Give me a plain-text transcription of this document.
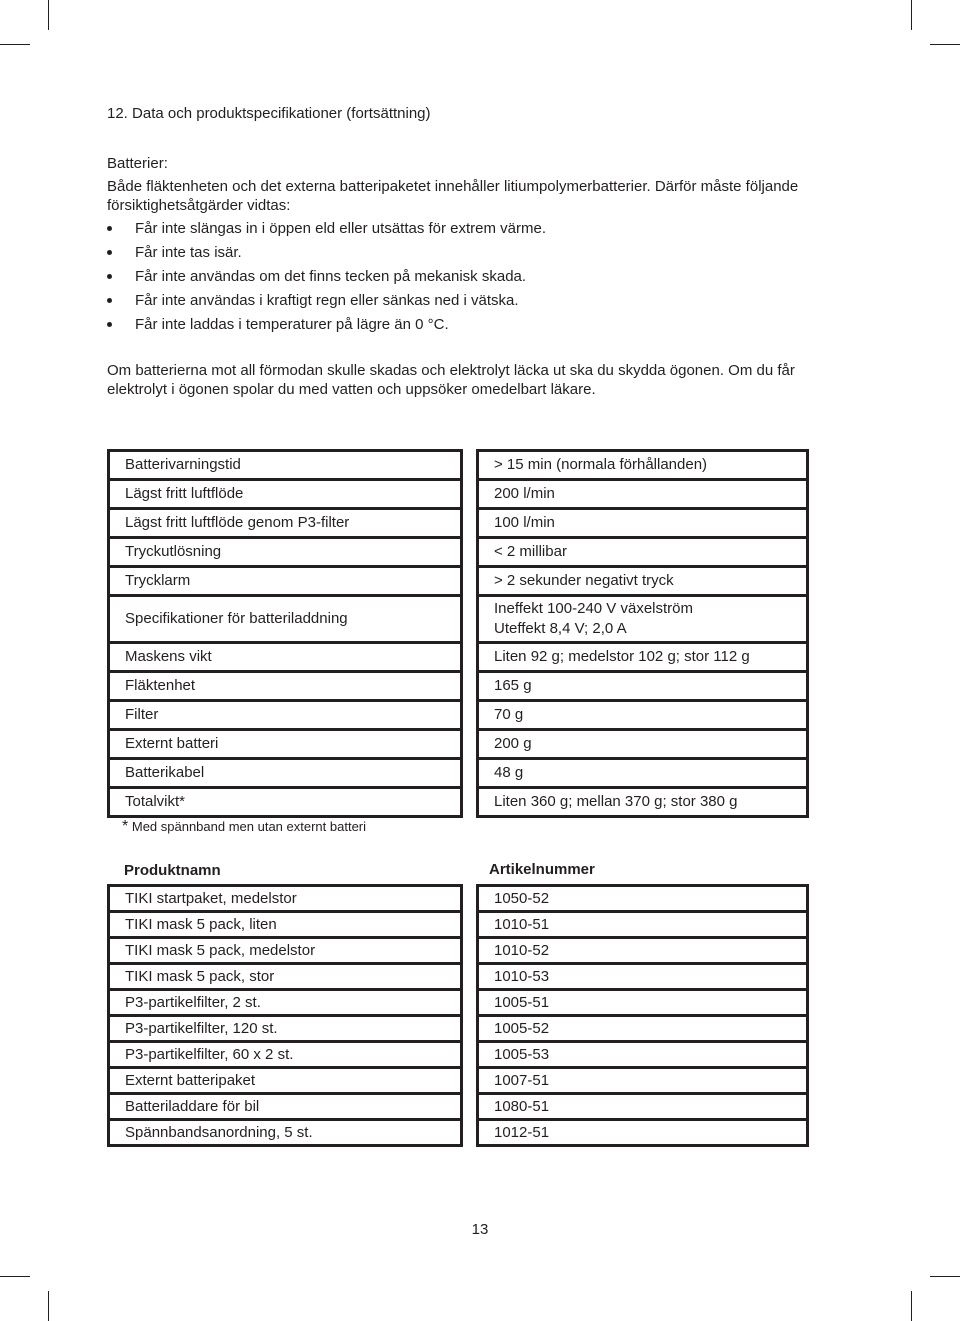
12. Data och produktspecifikationer (fortsättning)

Batterier:

Både fläktenheten och det externa batteripaketet innehåller litiumpolymerbatterier. Därför måste följande försiktighetsåtgärder vidtas:

Får inte slängas in i öppen eld eller utsättas för extrem värme.
Får inte tas isär.
Får inte användas om det finns tecken på mekanisk skada.
Får inte användas i kraftigt regn eller sänkas ned i vätska.
Får inte laddas i temperaturer på lägre än 0 °C.

Om batterierna mot all förmodan skulle skadas och elektrolyt läcka ut ska du skydda ögonen. Om du får elektrolyt i ögonen spolar du med vatten och uppsöker omedelbart läkare.

Batterivarningstid		> 15 min (normala förhållanden)
Lägst fritt luftflöde		200 l/min
Lägst fritt luftflöde genom P3-filter		100 l/min
Tryckutlösning		< 2 millibar
Trycklarm		> 2 sekunder negativt tryck
Specifikationer för batteriladdning		Ineffekt 100-240 V växelström
Uteffekt 8,4 V; 2,0 A

Maskens vikt		Liten 92 g; medelstor 102 g; stor 112 g
Fläktenhet		165 g
Filter		70 g
Externt batteri		200 g
Batterikabel		48 g
Totalvikt*		Liten 360 g; mellan 370 g; stor 380 g
* Med spännband men utan externt batteri
Produktnamn	Artikelnummer
TIKI startpaket, medelstor		1050-52
TIKI mask 5 pack, liten		1010-51
TIKI mask 5 pack, medelstor		1010-52
TIKI mask 5 pack, stor		1010-53
P3-partikelfilter, 2 st.		1005-51
P3-partikelfilter, 120 st.		1005-52
P3-partikelfilter, 60 x 2 st.		1005-53
Externt batteripaket		1007-51
Batteriladdare för bil		1080-51
Spännbandsanordning, 5 st.		1012-51
13
